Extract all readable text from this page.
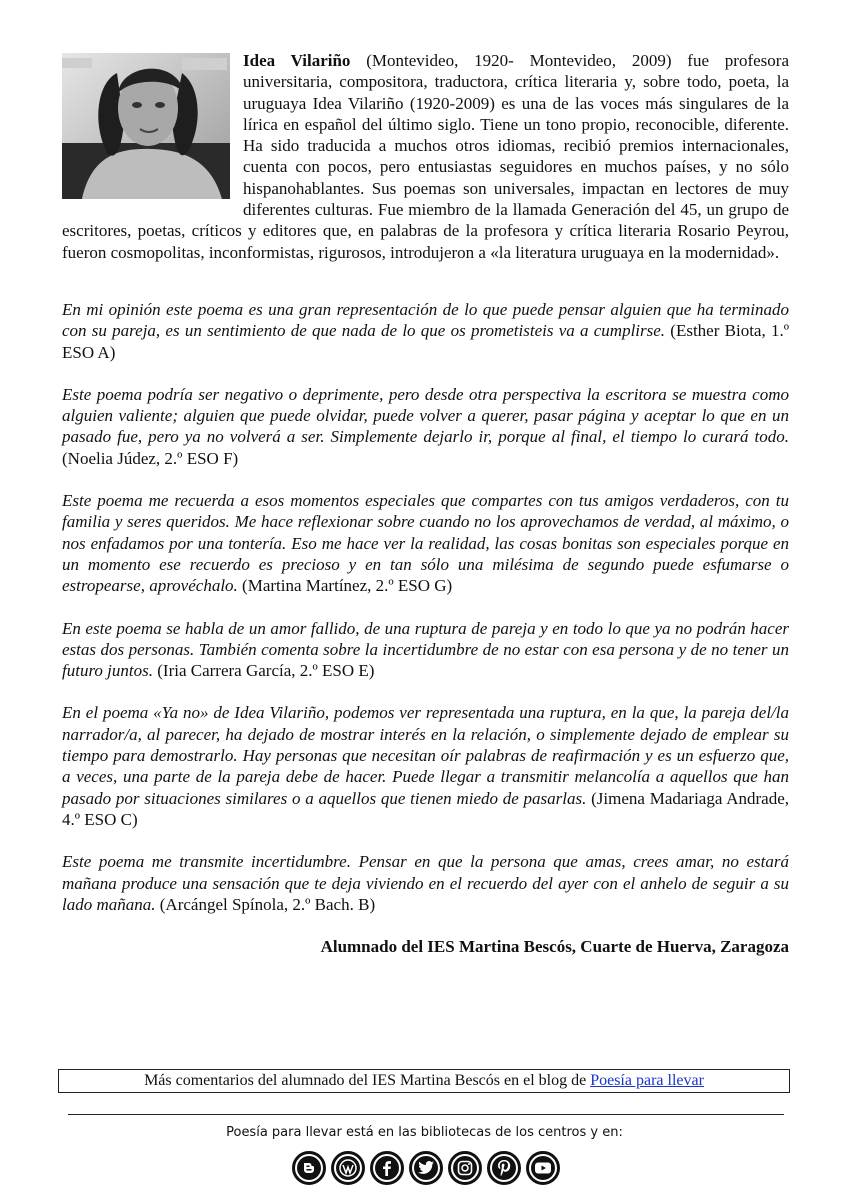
Idea Vilariño (Montevideo, 1920- Montevideo, 2009) fue profesora universitaria, compositora, traductora, crítica literaria y, sobre todo, poeta, la uruguaya Idea Vilariño (1920-2009) es una de las voces más singulares de la lírica en español del último siglo. Tiene un tono propio, reconocible, diferente. Ha sido traducida a muchos otros idiomas, recibió premios internacionales, cuenta con pocos, pero entusiastas seguidores en muchos países, y no sólo hispanohablantes. Sus poemas son universales, impactan en lectores de muy diferentes culturas. Fue miembro de la llamada Generación del 45, un grupo de escritores, poetas, críticos y editores que, en palabras de la profesora y crítica literaria Rosario Peyrou, fueron cosmopolitas, inconformistas, rigurosos, introdujeron a «la literatura uruguaya en la modernidad».

En mi opinión este poema es una gran representación de lo que puede pensar alguien que ha terminado con su pareja, es un sentimiento de que nada de lo que os prometisteis va a cumplirse. (Esther Biota, 1.º ESO A)

Este poema podría ser negativo o deprimente, pero desde otra perspectiva la escritora se muestra como alguien valiente; alguien que puede olvidar, puede volver a querer, pasar página y aceptar lo que en un pasado fue, pero ya no volverá a ser. Simplemente dejarlo ir, porque al final, el tiempo lo curará todo. (Noelia Júdez, 2.º ESO F)

Este poema me recuerda a esos momentos especiales que compartes con tus amigos verdaderos, con tu familia y seres queridos. Me hace reflexionar sobre cuando no los aprovechamos de verdad, al máximo, o nos enfadamos por una tontería. Eso me hace ver la realidad, las cosas bonitas son especiales porque en un momento ese recuerdo es precioso y en tan sólo una milésima de segundo puede esfumarse o estropearse, aprovéchalo. (Martina Martínez, 2.º ESO G)

En este poema se habla de un amor fallido, de una ruptura de pareja y en todo lo que ya no podrán hacer estas dos personas. También comenta sobre la incertidumbre de no estar con esa persona y de no tener un futuro juntos. (Iria Carrera García, 2.º ESO E)

En el poema «Ya no» de Idea Vilariño, podemos ver representada una ruptura, en la que, la pareja del/la narrador/a, al parecer, ha dejado de mostrar interés en la relación, o simplemente dejado de emplear su tiempo para demostrarlo. Hay personas que necesitan oír palabras de reafirmación y es un esfuerzo que, a veces, una parte de la pareja debe de hacer. Puede llegar a transmitir melancolía a aquellos que han pasado por situaciones similares o a aquellos que tienen miedo de pasarlas. (Jimena Madariaga Andrade, 4.º ESO C)

Este poema me transmite incertidumbre. Pensar en que la persona que amas, crees amar, no estará mañana produce una sensación que te deja viviendo en el recuerdo del ayer con el anhelo de seguir a su lado mañana. (Arcángel Spínola, 2.º Bach. B)

Alumnado del IES Martina Bescós, Cuarte de Huerva, Zaragoza
Más comentarios del alumnado del IES Martina Bescós en el blog de Poesía para llevar
Poesía para llevar está en las bibliotecas de los centros y en:
